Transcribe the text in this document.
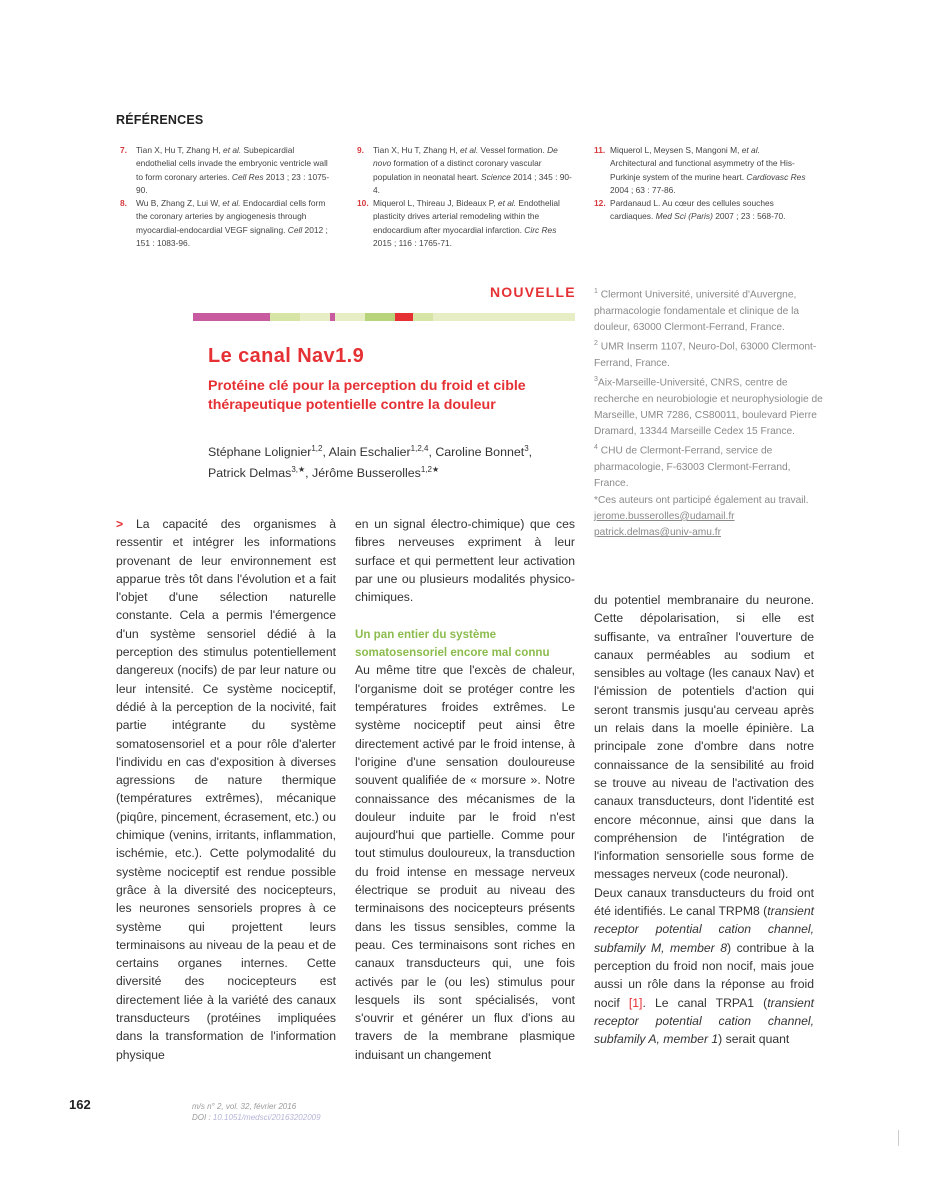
RÉFÉRENCES
7. Tian X, Hu T, Zhang H, et al. Subepicardial endothelial cells invade the embryonic ventricle wall to form coronary arteries. Cell Res 2013 ; 23 : 1075-90.
8. Wu B, Zhang Z, Lui W, et al. Endocardial cells form the coronary arteries by angiogenesis through myocardial-endocardial VEGF signaling. Cell 2012 ; 151 : 1083-96.
9. Tian X, Hu T, Zhang H, et al. Vessel formation. De novo formation of a distinct coronary vascular population in neonatal heart. Science 2014 ; 345 : 90-4.
10. Miquerol L, Thireau J, Bideaux P, et al. Endothelial plasticity drives arterial remodeling within the endocardium after myocardial infarction. Circ Res 2015 ; 116 : 1765-71.
11. Miquerol L, Meysen S, Mangoni M, et al. Architectural and functional asymmetry of the His-Purkinje system of the murine heart. Cardiovasc Res 2004 ; 63 : 77-86.
12. Pardanaud L. Au cœur des cellules souches cardiaques. Med Sci (Paris) 2007 ; 23 : 568-70.
NOUVELLE
Le canal Nav1.9
Protéine clé pour la perception du froid et cible thérapeutique potentielle contre la douleur
Stéphane Lolignier$^{1,2}$, Alain Eschalier$^{1,2,4}$, Caroline Bonnet$^3$,
Patrick Delmas$^{3,★}$, Jérôme Busserolles$^{1,2★}$
$^1$ Clermont Université, université d'Auvergne, pharmacologie fondamentale et clinique de la douleur, 63000 Clermont-Ferrand, France.
$^2$ UMR Inserm 1107, Neuro-Dol, 63000 Clermont-Ferrand, France.
$^3$Aix-Marseille-Université, CNRS, centre de recherche en neurobiologie et neurophysiologie de Marseille, UMR 7286, CS80011, boulevard Pierre Dramard, 13344 Marseille Cedex 15 France.
$^4$ CHU de Clermont-Ferrand, service de pharmacologie, F-63003 Clermont-Ferrand, France.
*Ces auteurs ont participé également au travail.
jerome.busserolles@udamail.fr
patrick.delmas@univ-amu.fr

> La capacité des organismes à ressentir et intégrer les informations provenant de leur environnement est apparue très tôt dans l'évolution et a fait l'objet d'une sélection naturelle constante. Cela a permis l'émergence d'un système sensoriel dédié à la perception des stimulus potentiellement dangereux (nocifs) de par leur nature ou leur intensité. Ce système nociceptif, dédié à la perception de la nocivité, fait partie intégrante du système somatosensoriel et a pour rôle d'alerter l'individu en cas d'exposition à diverses agressions de nature thermique (températures extrêmes), mécanique (piqûre, pincement, écrasement, etc.) ou chimique (venins, irritants, inflammation, ischémie, etc.). Cette polymodalité du système nociceptif est rendue possible grâce à la diversité des nocicepteurs, les neurones sensoriels propres à ce système qui projettent leurs terminaisons au niveau de la peau et de certains organes internes. Cette diversité des nocicepteurs est directement liée à la variété des canaux transducteurs (protéines impliquées dans la transformation de l'information physique

en un signal électro-chimique) que ces fibres nerveuses expriment à leur surface et qui permettent leur activation par une ou plusieurs modalités physico-chimiques.

Un pan entier du système somatosensoriel encore mal connu

Au même titre que l'excès de chaleur, l'organisme doit se protéger contre les températures froides extrêmes. Le système nociceptif peut ainsi être directement activé par le froid intense, à l'origine d'une sensation douloureuse souvent qualifiée de « morsure ». Notre connaissance des mécanismes de la douleur induite par le froid n'est aujourd'hui que partielle. Comme pour tout stimulus douloureux, la transduction du froid intense en message nerveux électrique se produit au niveau des terminaisons des nocicepteurs présents dans les tissus sensibles, comme la peau. Ces terminaisons sont riches en canaux transducteurs qui, une fois activés par le (ou les) stimulus pour lesquels ils sont spécialisés, vont s'ouvrir et générer un flux d'ions au travers de la membrane plasmique induisant un changement

du potentiel membranaire du neurone. Cette dépolarisation, si elle est suffisante, va entraîner l'ouverture de canaux perméables au sodium et sensibles au voltage (les canaux Nav) et l'émission de potentiels d'action qui seront transmis jusqu'au cerveau après un relais dans la moelle épinière. La principale zone d'ombre dans notre connaissance de la sensibilité au froid se trouve au niveau de l'activation des canaux transducteurs, dont l'identité est encore méconnue, ainsi que dans la compréhension de l'intégration de l'information sensorielle sous forme de messages nerveux (code neuronal).

Deux canaux transducteurs du froid ont été identifiés. Le canal TRPM8 (transient receptor potential cation channel, subfamily M, member 8) contribue à la perception du froid non nocif, mais joue aussi un rôle dans la réponse au froid nocif [1]. Le canal TRPA1 (transient receptor potential cation channel, subfamily A, member 1) serait quant

162	m/s n° 2, vol. 32, février 2016
DOI : 10.1051/medsci/20163202009
